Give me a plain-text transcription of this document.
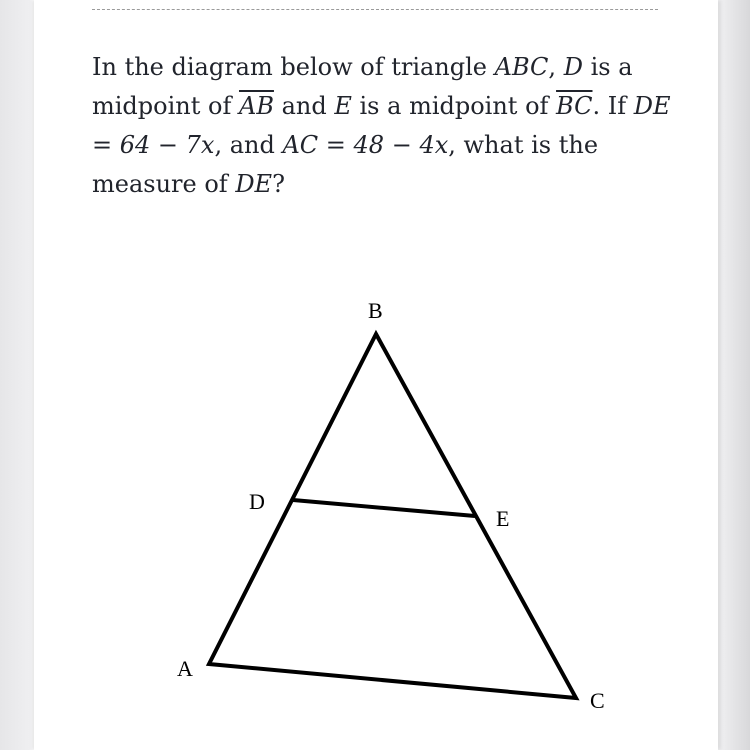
In the diagram below of triangle ABC, D is a midpoint of $\overline{AB}$ and E is a midpoint of $\overline{BC}$. If DE = 64 − 7x, and AC = 48 − 4x, what is the measure of DE?
B
D
E
A
C
